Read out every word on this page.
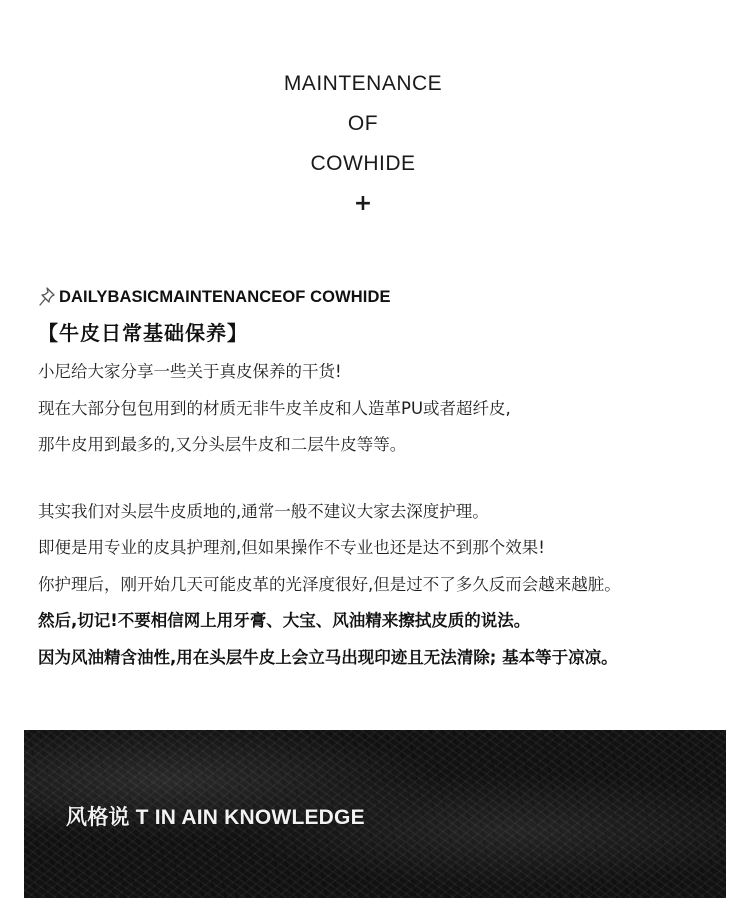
MAINTENANCE
OF
COWHIDE
+
DAILYBASICMAINTENANCEOF COWHIDE
【牛皮日常基础保养】
小尼给大家分享一些关于真皮保养的干货!
现在大部分包包用到的材质无非牛皮羊皮和人造革PU或者超纤皮,
那牛皮用到最多的,又分头层牛皮和二层牛皮等等。
其实我们对头层牛皮质地的,通常一般不建议大家去深度护理。
即便是用专业的皮具护理剂,但如果操作不专业也还是达不到那个效果!
你护理后，刚开始几天可能皮革的光泽度很好,但是过不了多久反而会越来越脏。
然后,切记!不要相信网上用牙膏、大宝、风油精来擦拭皮质的说法。
因为风油精含油性,用在头层牛皮上会立马出现印迹且无法清除; 基本等于凉凉。
风格说 T IN AIN KNOWLEDGE
